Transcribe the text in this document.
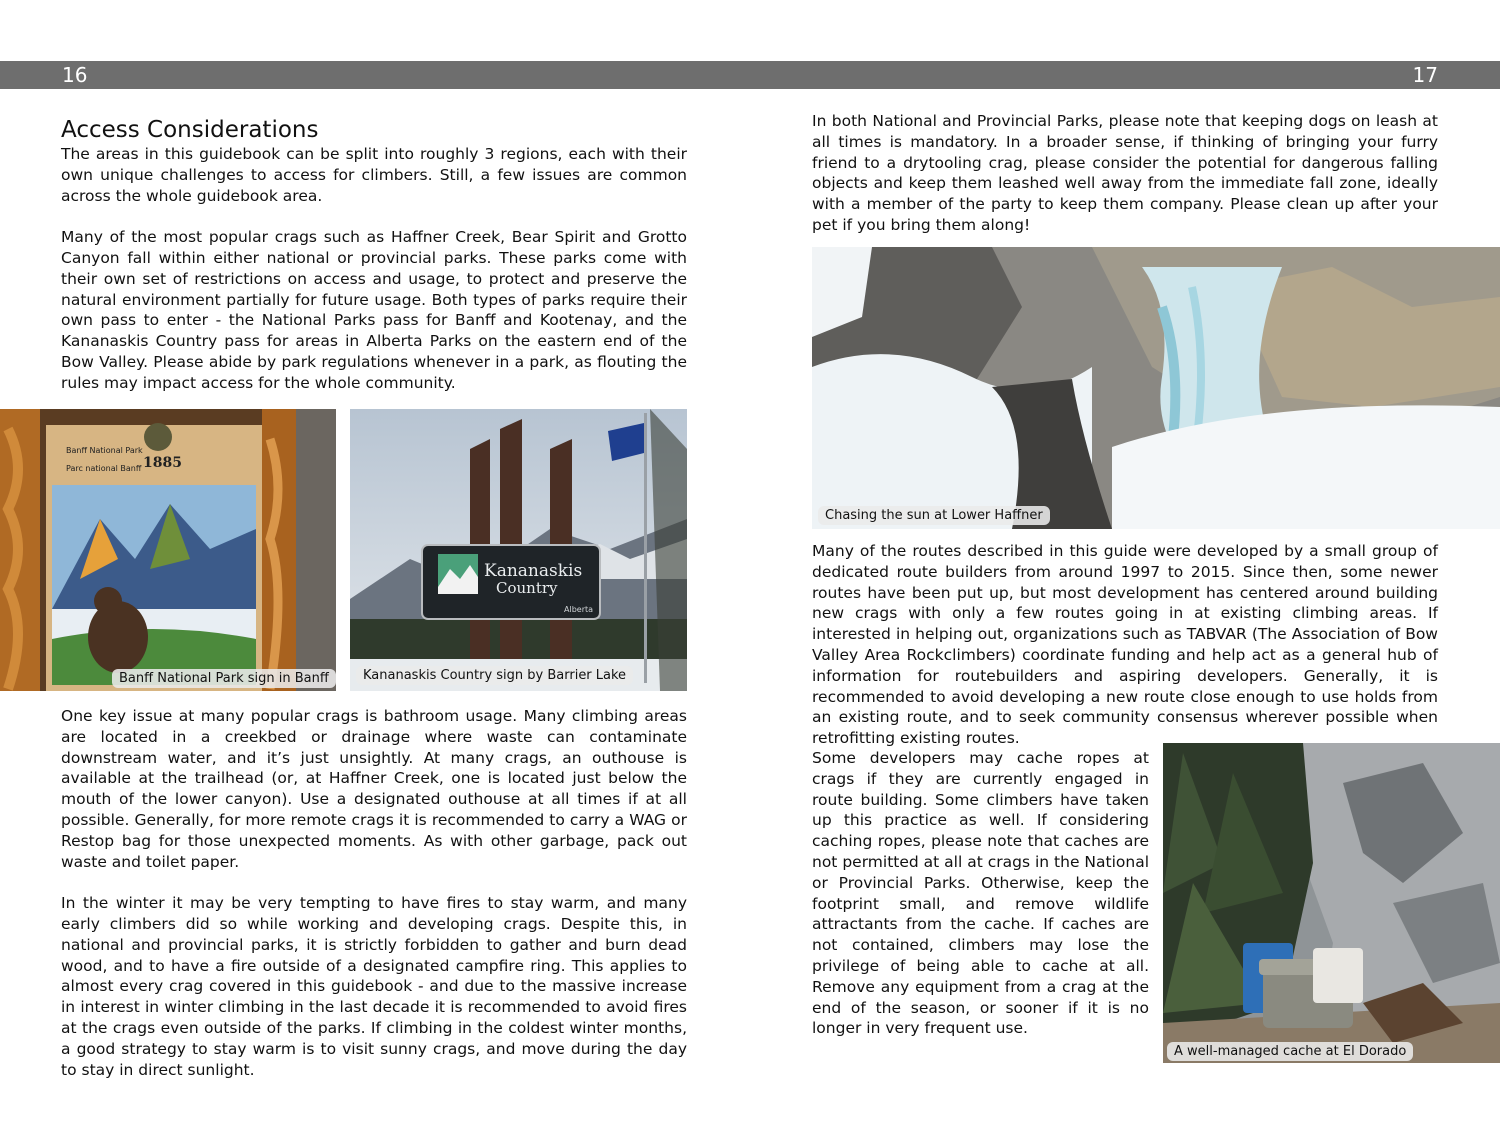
16	17
Access Considerations

The areas in this guidebook can be split into roughly 3 regions, each with their own unique challenges to access for climbers. Still, a few issues are common across the whole guidebook area.

Many of the most popular crags such as Haffner Creek, Bear Spirit and Grotto Canyon fall within either national or provincial parks. These parks come with their own set of restrictions on access and usage, to protect and preserve the natural environment partially for future usage. Both types of parks require their own pass to enter - the National Parks pass for Banff and Kootenay, and the Kananaskis Country pass for areas in Alberta Parks on the eastern end of the Bow Valley. Please abide by park regulations whenever in a park, as flouting the rules may impact access for the whole community.

Banff National Park
Parc national Banff 1885
Banff National Park sign in Banff
Kananaskis
Country
Alberta
Kananaskis Country sign by Barrier Lake

One key issue at many popular crags is bathroom usage. Many climbing areas are located in a creekbed or drainage where waste can contaminate downstream water, and it’s just unsightly. At many crags, an outhouse is available at the trailhead (or, at Haffner Creek, one is located just below the mouth of the lower canyon). Use a designated outhouse at all times if at all possible. Generally, for more remote crags it is recommended to carry a WAG or Restop bag for those unexpected moments. As with other garbage, pack out waste and toilet paper.

In the winter it may be very tempting to have fires to stay warm, and many early climbers did so while working and developing crags. Despite this, in national and provincial parks, it is strictly forbidden to gather and burn dead wood, and to have a fire outside of a designated campfire ring. This applies to almost every crag covered in this guidebook - and due to the massive increase in interest in winter climbing in the last decade it is recommended to avoid fires at the crags even outside of the parks. If climbing in the coldest winter months, a good strategy to stay warm is to visit sunny crags, and move during the day to stay in direct sunlight.

In both National and Provincial Parks, please note that keeping dogs on leash at all times is mandatory. In a broader sense, if thinking of bringing your furry friend to a drytooling crag, please consider the potential for dangerous falling objects and keep them leashed well away from the immediate fall zone, ideally with a member of the party to keep them company. Please clean up after your pet if you bring them along!

Chasing the sun at Lower Haffner

Many of the routes described in this guide were developed by a small group of dedicated route builders from around 1997 to 2015. Since then, some newer routes have been put up, but most development has centered around building new crags with only a few routes going in at existing climbing areas. If interested in helping out, organizations such as TABVAR (The Association of Bow Valley Area Rockclimbers) coordinate funding and help act as a general hub of information for routebuilders and aspiring developers. Generally, it is recommended to avoid developing a new route close enough to use holds from an existing route, and to seek community consensus wherever possible when retrofitting existing routes.

Some developers may cache ropes at crags if they are currently engaged in route building. Some climbers have taken up this practice as well. If considering caching ropes, please note that caches are not permitted at all at crags in the National or Provincial Parks. Otherwise, keep the footprint small, and remove wildlife attractants from the cache. If caches are not contained, climbers may lose the privilege of being able to cache at all. Remove any equipment from a crag at the end of the season, or sooner if it is no longer in very frequent use.

A well-managed cache at El Dorado
